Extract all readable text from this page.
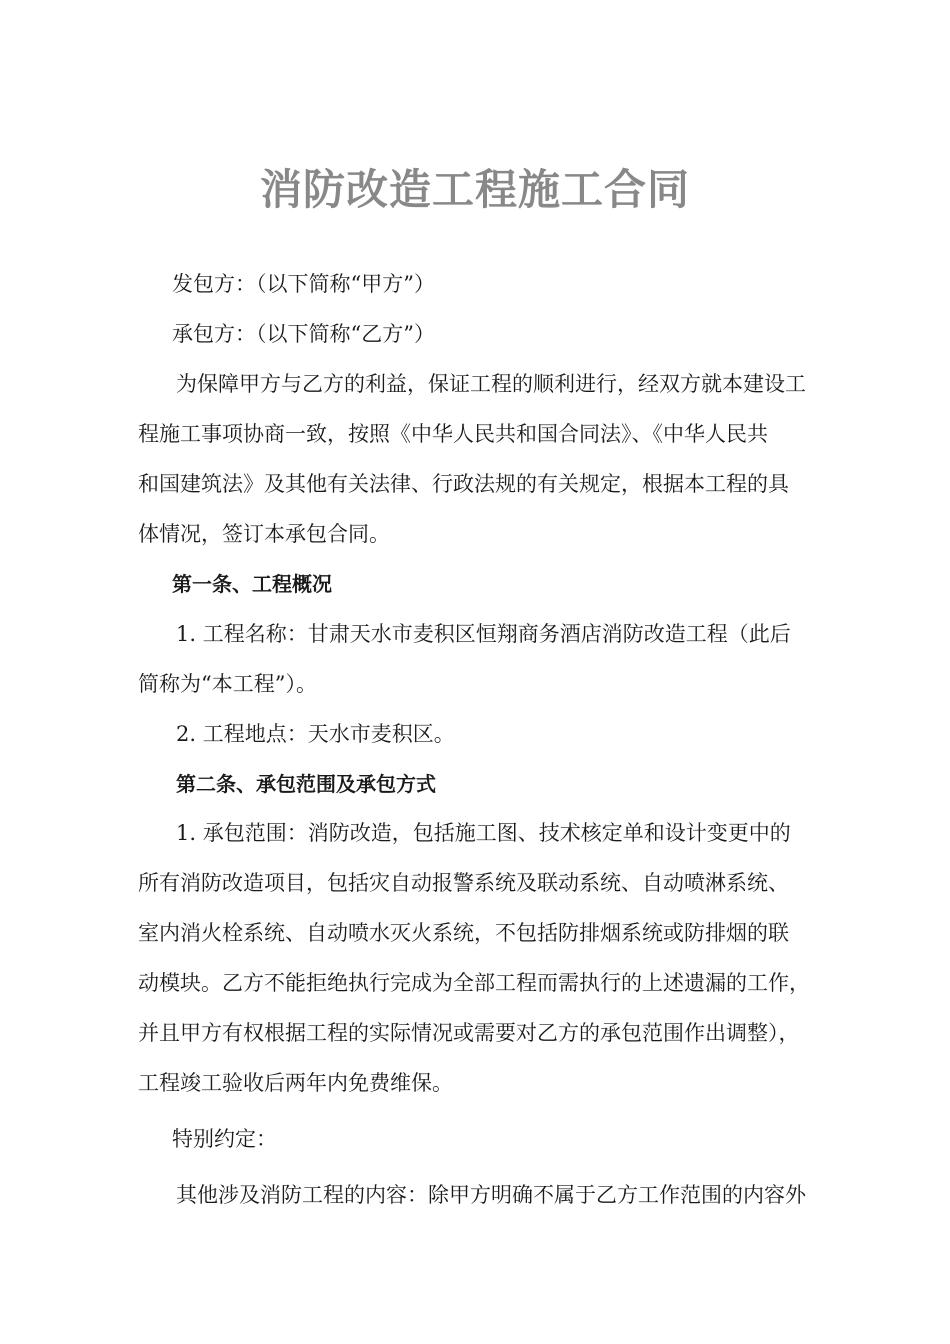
消防改造工程施工合同
发包方：（以下简称“甲方”）
承包方：（以下简称“乙方”）
为保障甲方与乙方的利益，保证工程的顺利进行，经双方就本建设工
程施工事项协商一致，按照《中华人民共和国合同法》、《中华人民共
和国建筑法》及其他有关法律、行政法规的有关规定，根据本工程的具
体情况，签订本承包合同。
第一条、工程概况
1. 工程名称：甘肃天水市麦积区恒翔商务酒店消防改造工程（此后
简称为“本工程”）。
2. 工程地点：天水市麦积区。
第二条、承包范围及承包方式
1. 承包范围：消防改造，包括施工图、技术核定单和设计变更中的
所有消防改造项目，包括灾自动报警系统及联动系统、自动喷淋系统、
室内消火栓系统、自动喷水灭火系统，不包括防排烟系统或防排烟的联
动模块。乙方不能拒绝执行完成为全部工程而需执行的上述遗漏的工作，
并且甲方有权根据工程的实际情况或需要对乙方的承包范围作出调整），
工程竣工验收后两年内免费维保。
特别约定：
其他涉及消防工程的内容：除甲方明确不属于乙方工作范围的内容外
